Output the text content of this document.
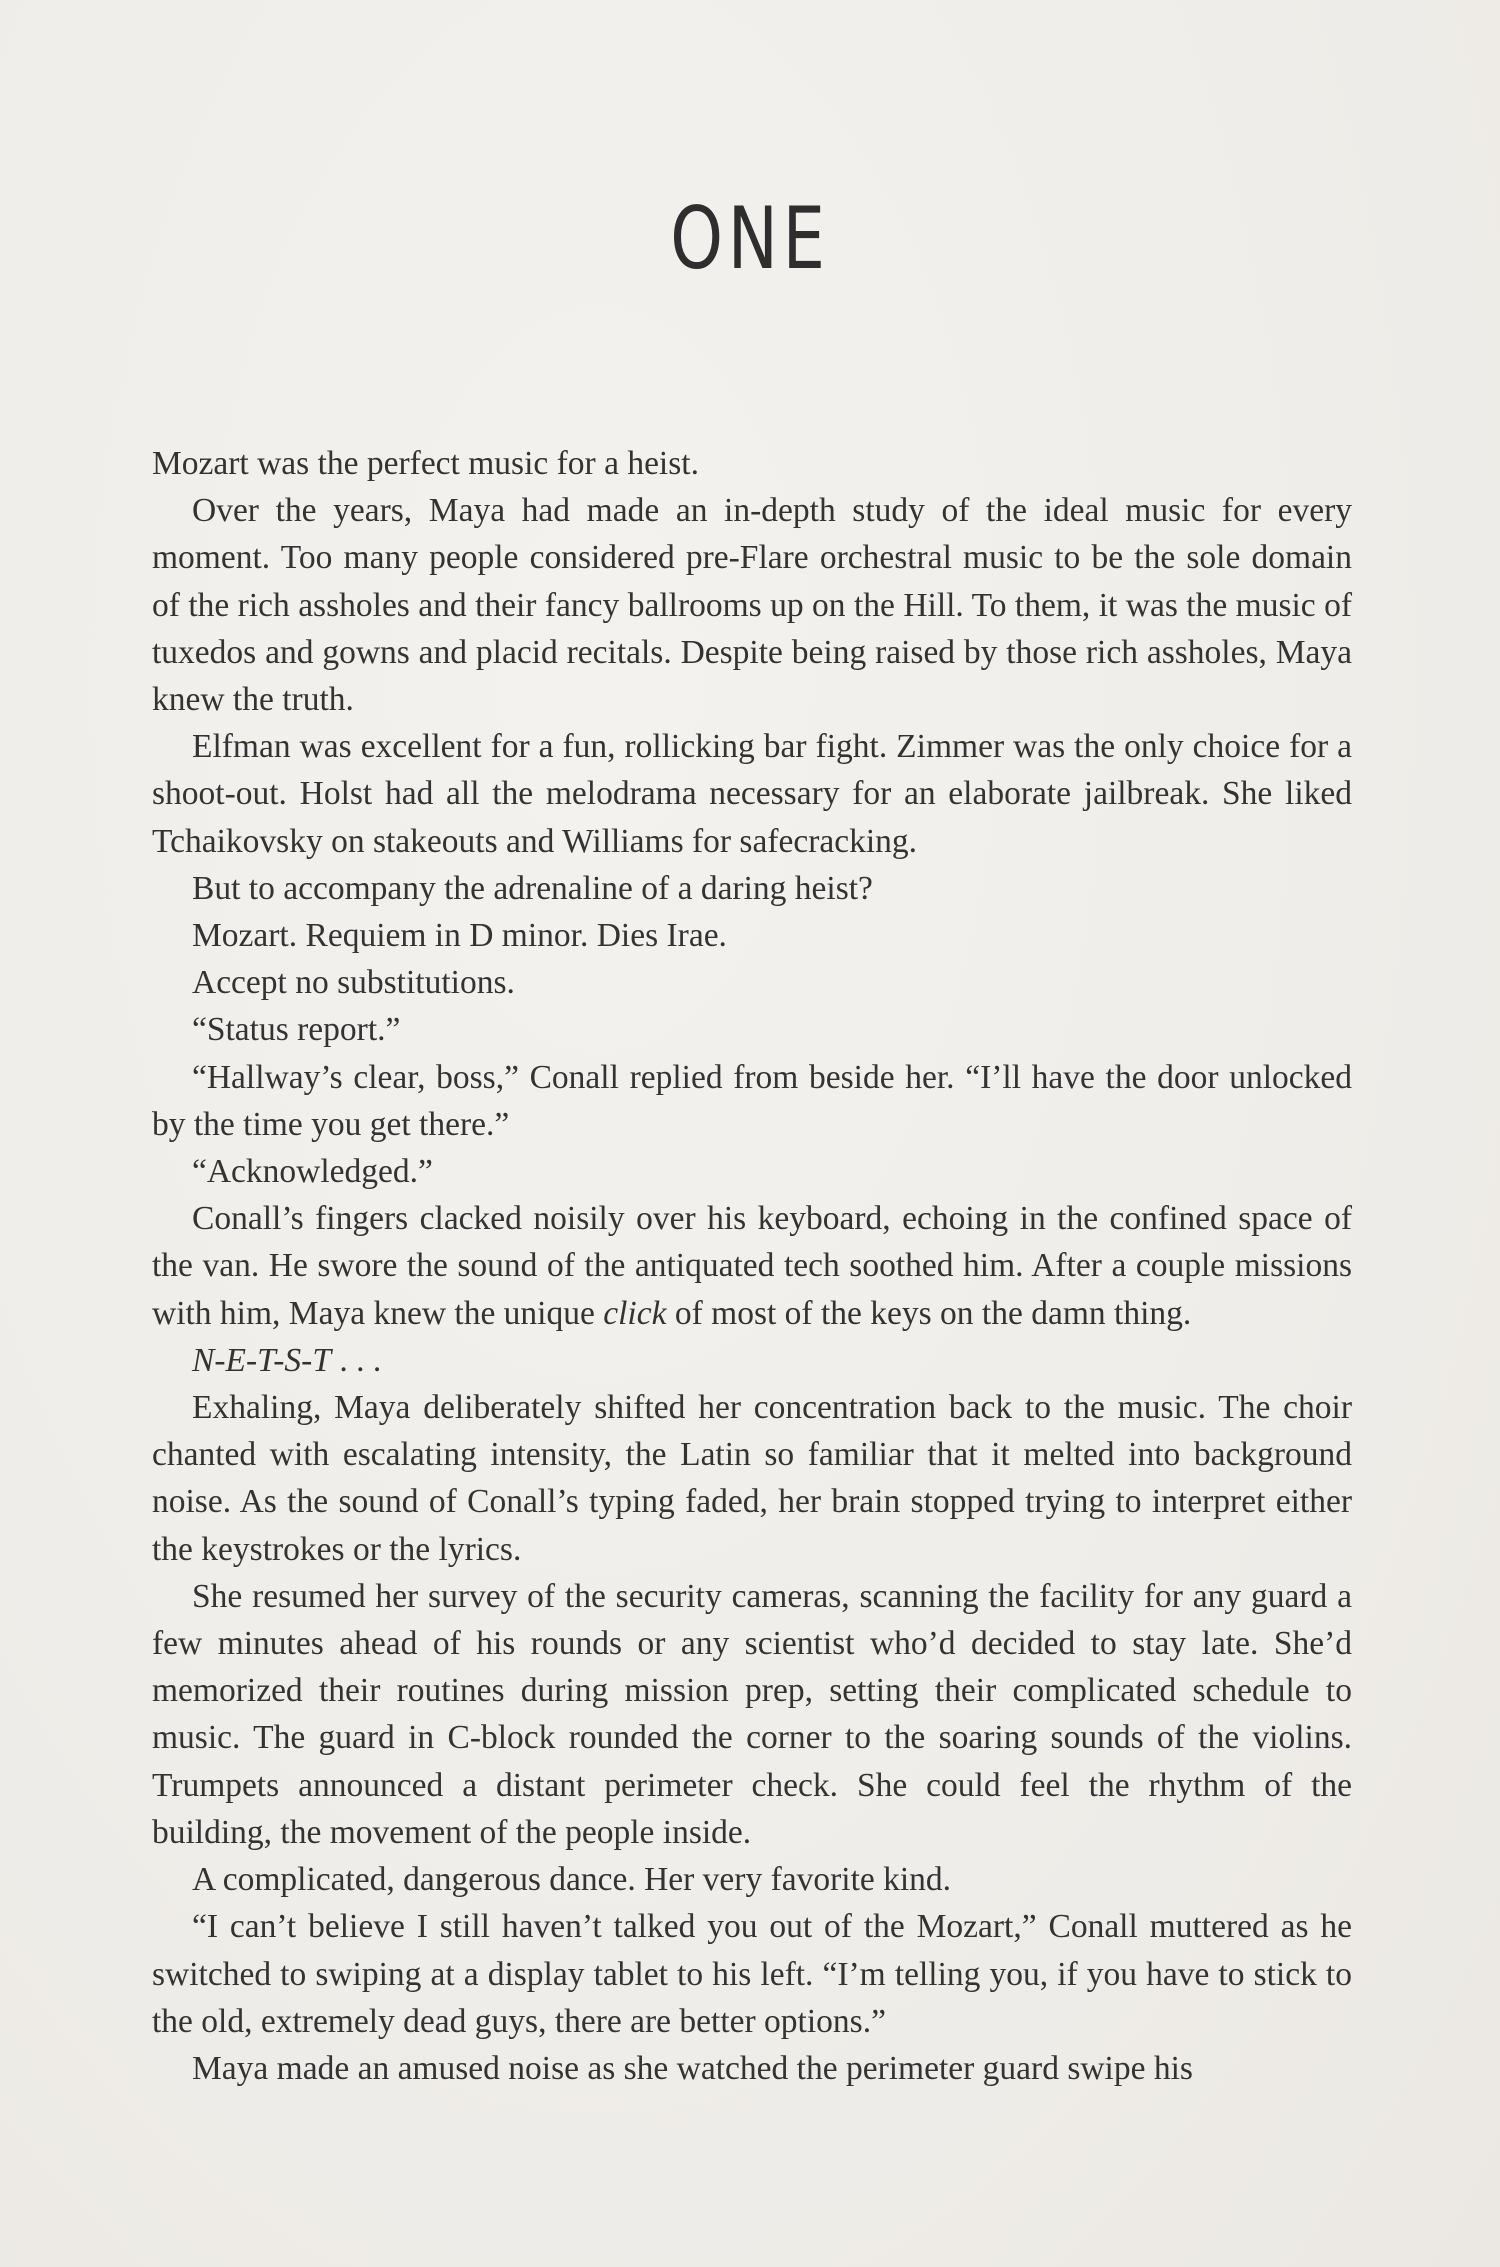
ONE

Mozart was the perfect music for a heist.

Over the years, Maya had made an in-depth study of the ideal music for every moment. Too many people considered pre-Flare orchestral music to be the sole domain of the rich assholes and their fancy ballrooms up on the Hill. To them, it was the music of tuxedos and gowns and placid recitals. Despite being raised by those rich assholes, Maya knew the truth.

Elfman was excellent for a fun, rollicking bar fight. Zimmer was the only choice for a shoot-out. Holst had all the melodrama necessary for an elaborate jailbreak. She liked Tchaikovsky on stakeouts and Williams for safecracking.

But to accompany the adrenaline of a daring heist?

Mozart. Requiem in D minor. Dies Irae.

Accept no substitutions.

“Status report.”

“Hallway’s clear, boss,” Conall replied from beside her. “I’ll have the door unlocked by the time you get there.”

“Acknowledged.”

Conall’s fingers clacked noisily over his keyboard, echoing in the confined space of the van. He swore the sound of the antiquated tech soothed him. After a couple missions with him, Maya knew the unique click of most of the keys on the damn thing.

N-E-T-S-T . . .

Exhaling, Maya deliberately shifted her concentration back to the music. The choir chanted with escalating intensity, the Latin so familiar that it melted into background noise. As the sound of Conall’s typing faded, her brain stopped trying to interpret either the keystrokes or the lyrics.

She resumed her survey of the security cameras, scanning the facility for any guard a few minutes ahead of his rounds or any scientist who’d decided to stay late. She’d memorized their routines during mission prep, setting their complicated schedule to music. The guard in C-block rounded the corner to the soaring sounds of the violins. Trumpets announced a distant perimeter check. She could feel the rhythm of the building, the movement of the people inside.

A complicated, dangerous dance. Her very favorite kind.

“I can’t believe I still haven’t talked you out of the Mozart,” Conall muttered as he switched to swiping at a display tablet to his left. “I’m telling you, if you have to stick to the old, extremely dead guys, there are better options.”

Maya made an amused noise as she watched the perimeter guard swipe his
